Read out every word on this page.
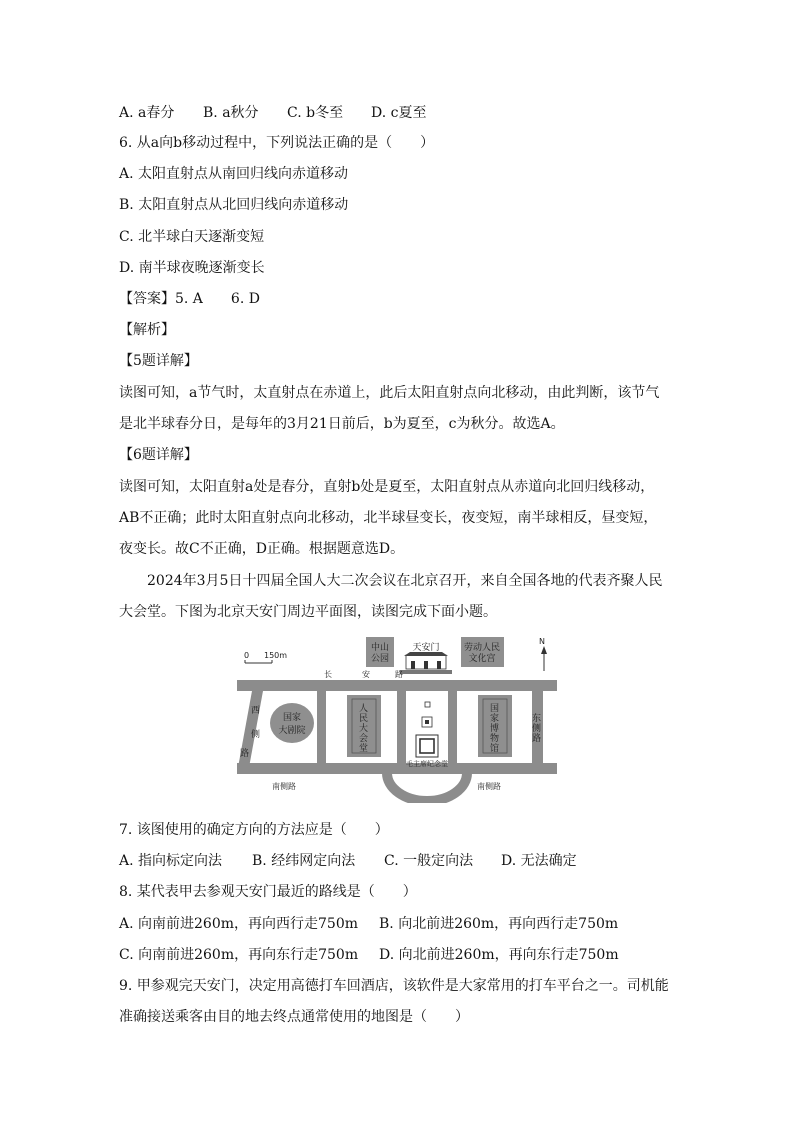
A. a春分 B. a秋分 C. b冬至 D. c夏至
6. 从a向b移动过程中，下列说法正确的是（　　）
A. 太阳直射点从南回归线向赤道移动
B. 太阳直射点从北回归线向赤道移动
C. 北半球白天逐渐变短
D. 南半球夜晚逐渐变长
【答案】5. A　　6. D
【解析】
【5题详解】
读图可知，a节气时，太直射点在赤道上，此后太阳直射点向北移动，由此判断，该节气
是北半球春分日，是每年的3月21日前后，b为夏至，c为秋分。故选A。
【6题详解】
读图可知，太阳直射a处是春分，直射b处是夏至，太阳直射点从赤道向北回归线移动，
AB不正确；此时太阳直射点向北移动，北半球昼变长，夜变短，南半球相反，昼变短，
夜变长。故C不正确，D正确。根据题意选D。
2024年3月5日十四届全国人大二次会议在北京召开，来自全国各地的代表齐聚人民
大会堂。下图为北京天安门周边平面图，读图完成下面小题。
中山
公园
天安门	劳动人民
文化宫
0 150m
N
长	安	路
西
侧
路
国家
大剧院
人
民
大
会
堂
毛主席纪念堂
国
家
博
物
馆
东
侧
路
南侧路	南侧路
7. 该图使用的确定方向的方法应是（　　）
A. 指向标定向法 B. 经纬网定向法 C. 一般定向法 D. 无法确定
8. 某代表甲去参观天安门最近的路线是（　　）
A. 向南前进260m，再向西行走750m B. 向北前进260m，再向西行走750m
C. 向南前进260m，再向东行走750m D. 向北前进260m，再向东行走750m
9. 甲参观完天安门，决定用高德打车回酒店，该软件是大家常用的打车平台之一。司机能
准确接送乘客由目的地去终点通常使用的地图是（　　）
